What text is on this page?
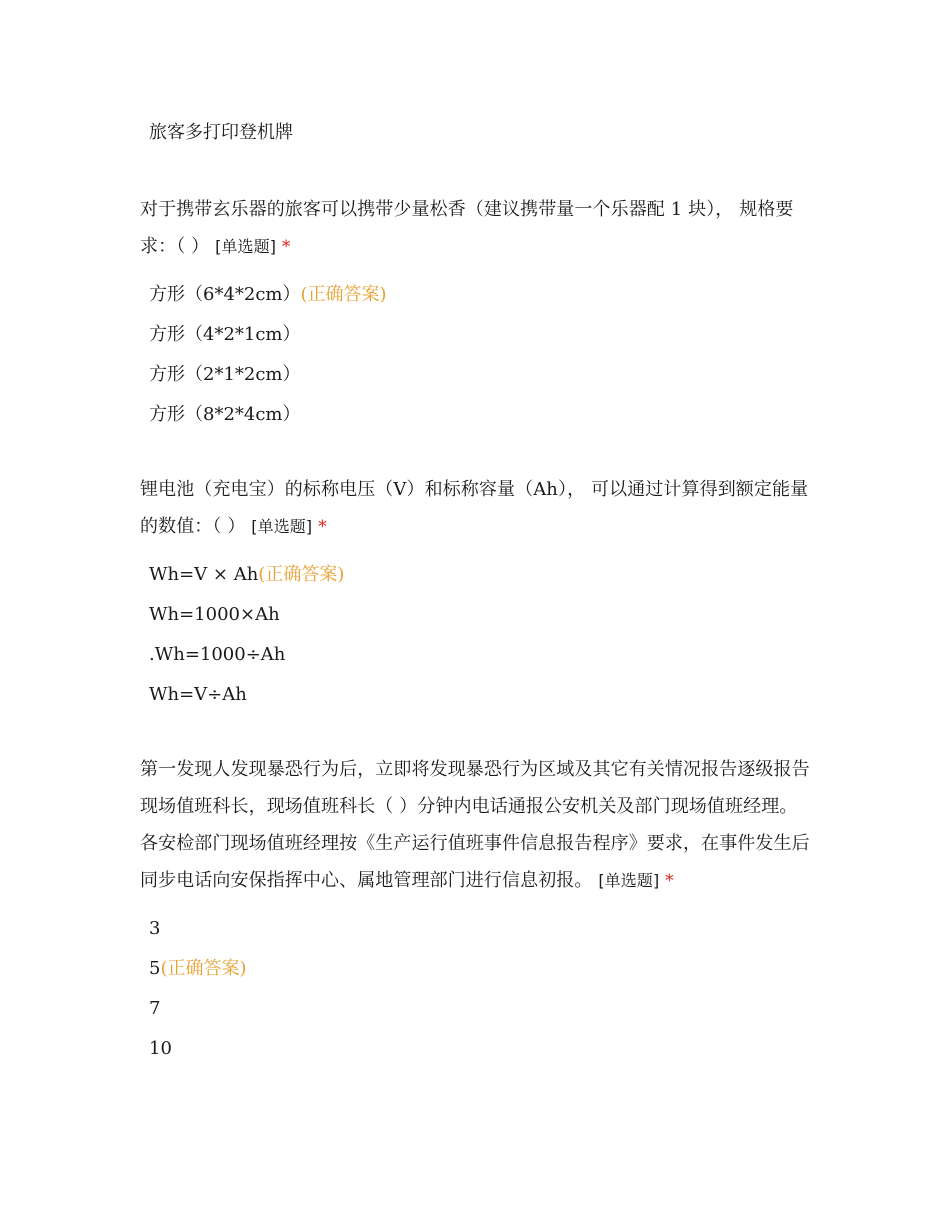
旅客多打印登机牌

对于携带玄乐器的旅客可以携带少量松香（建议携带量一个乐器配 1 块）， 规格要求：（ ） [单选题] *

方形（6*4*2cm）(正确答案)
方形（4*2*1cm）
方形（2*1*2cm）
方形（8*2*4cm）

锂电池（充电宝）的标称电压（V）和标称容量（Ah）， 可以通过计算得到额定能量的数值：（ ） [单选题] *

Wh=V × Ah(正确答案)
Wh=1000×Ah
.Wh=1000÷Ah
Wh=V÷Ah

第一发现人发现暴恐行为后，立即将发现暴恐行为区域及其它有关情况报告逐级报告现场值班科长，现场值班科长（ ）分钟内电话通报公安机关及部门现场值班经理。各安检部门现场值班经理按《生产运行值班事件信息报告程序》要求，在事件发生后同步电话向安保指挥中心、属地管理部门进行信息初报。 [单选题] *

3
5(正确答案)
7
10
